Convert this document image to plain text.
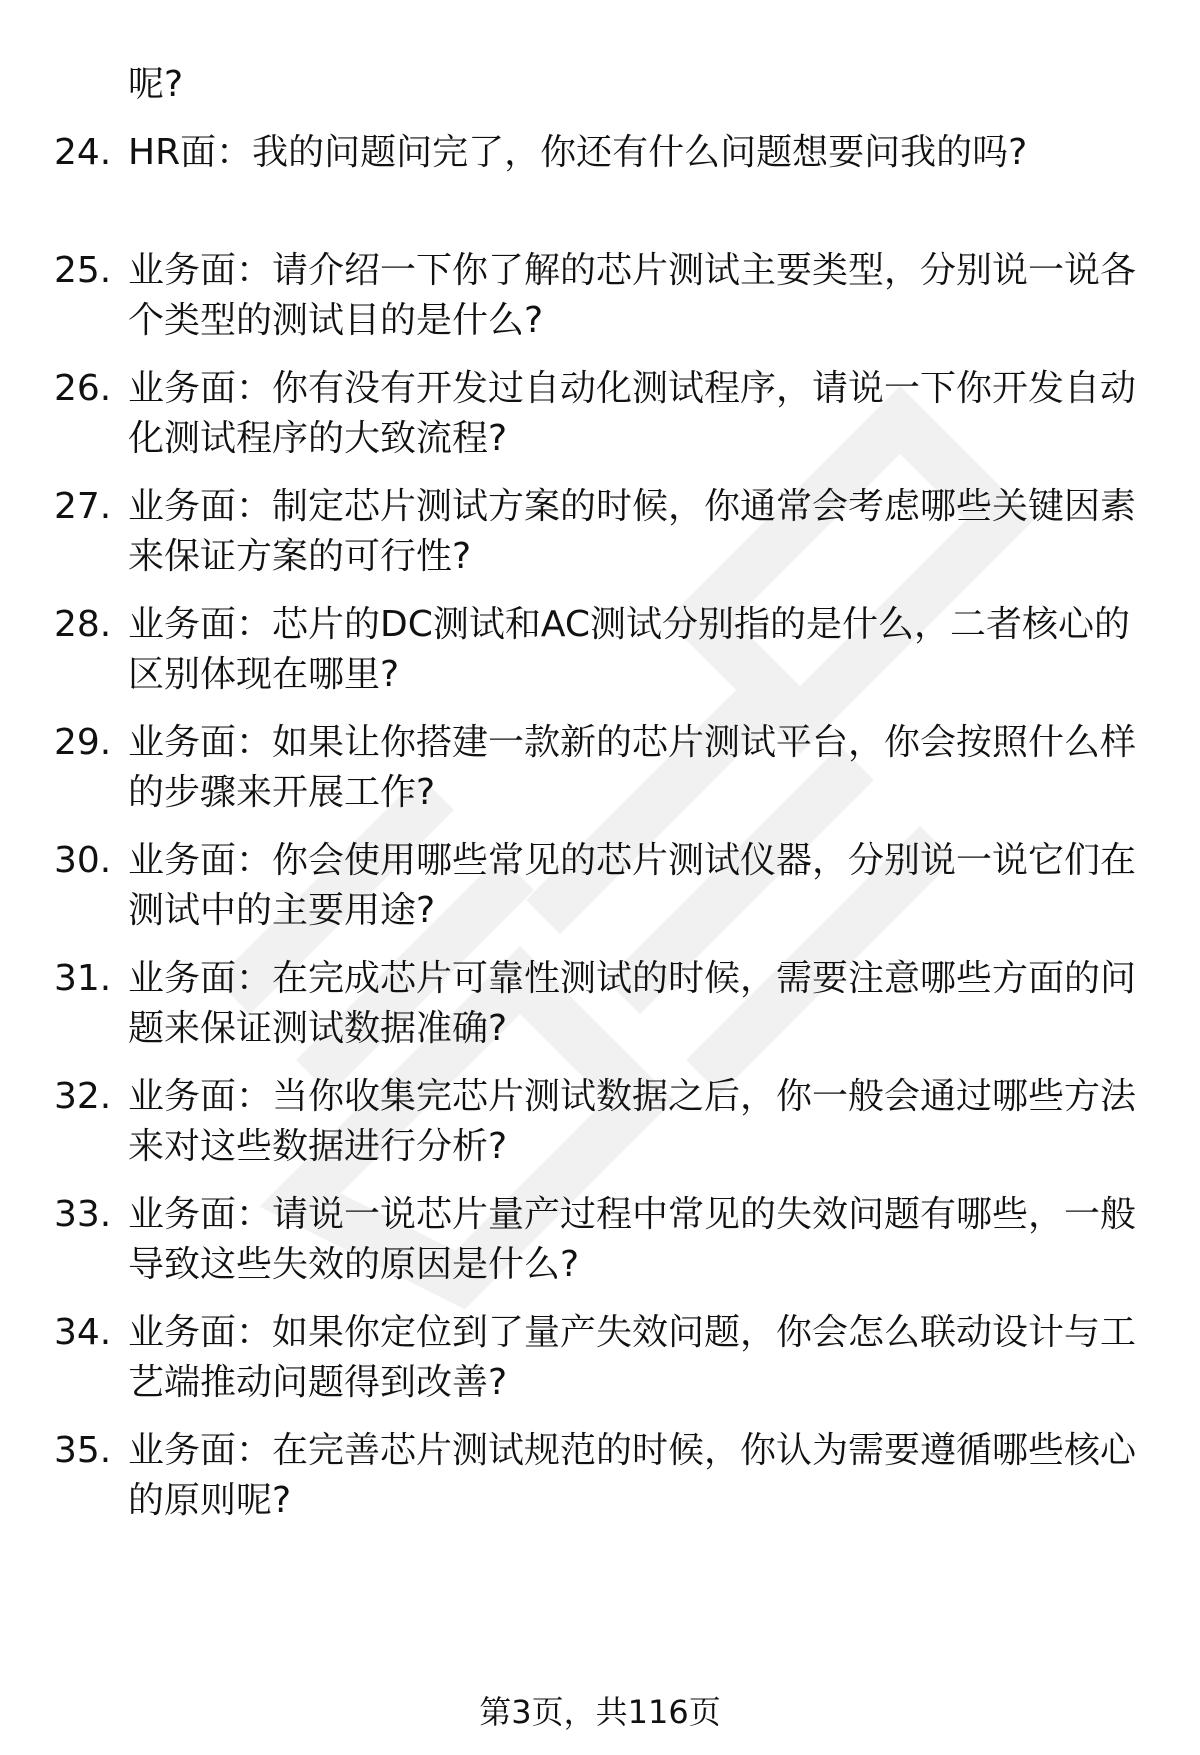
呢?
24. HR面：我的问题问完了，你还有什么问题想要问我的吗?
25. 业务面：请介绍一下你了解的芯片测试主要类型，分别说一说各
个类型的测试目的是什么?
26. 业务面：你有没有开发过自动化测试程序，请说一下你开发自动
化测试程序的大致流程?
27. 业务面：制定芯片测试方案的时候，你通常会考虑哪些关键因素
来保证方案的可行性?
28. 业务面：芯片的DC测试和AC测试分别指的是什么，二者核心的
区别体现在哪里?
29. 业务面：如果让你搭建一款新的芯片测试平台，你会按照什么样
的步骤来开展工作?
30. 业务面：你会使用哪些常见的芯片测试仪器，分别说一说它们在
测试中的主要用途?
31. 业务面：在完成芯片可靠性测试的时候，需要注意哪些方面的问
题来保证测试数据准确?
32. 业务面：当你收集完芯片测试数据之后，你一般会通过哪些方法
来对这些数据进行分析?
33. 业务面：请说一说芯片量产过程中常见的失效问题有哪些，一般
导致这些失效的原因是什么?
34. 业务面：如果你定位到了量产失效问题，你会怎么联动设计与工
艺端推动问题得到改善?
35. 业务面：在完善芯片测试规范的时候，你认为需要遵循哪些核心
的原则呢?
第3页，共116页
